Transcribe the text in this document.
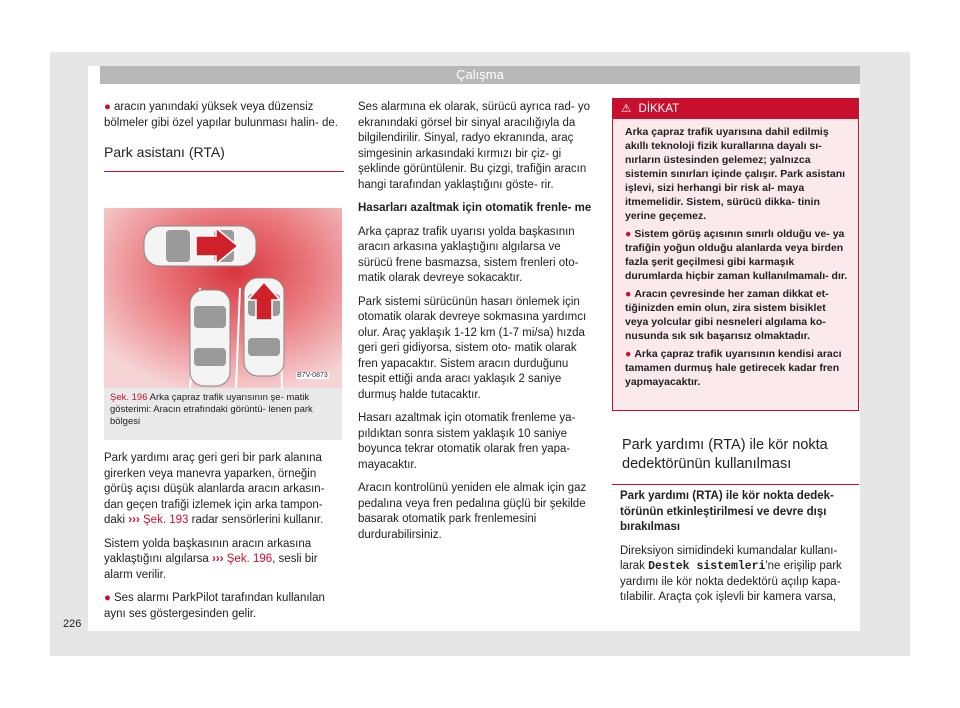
Çalışma

● aracın yanındaki yüksek veya düzensiz bölmeler gibi özel yapılar bulunması halin- de.

Park asistanı (RTA)
B7V-0873
Şek. 196 Arka çapraz trafik uyarısının şe- matik gösterimi: Aracın etrafındaki görüntü- lenen park bölgesi

Park yardımı araç geri geri bir park alanına girerken veya manevra yaparken, örneğin görüş açısı düşük alanlarda aracın arkasın- dan geçen trafiği izlemek için arka tampon- daki ››› Şek. 193 radar sensörlerini kullanır.

Sistem yolda başkasının aracın arkasına yaklaştığını algılarsa ››› Şek. 196, sesli bir alarm verilir.

● Ses alarmı ParkPilot tarafından kullanılan aynı ses göstergesinden gelir.

Ses alarmına ek olarak, sürücü ayrıca rad- yo ekranındaki görsel bir sinyal aracılığıyla da bilgilendirilir. Sinyal, radyo ekranında, araç simgesinin arkasındaki kırmızı bir çiz- gi şeklinde görüntülenir. Bu çizgi, trafiğin aracın hangi tarafından yaklaştığını göste- rir.

Hasarları azaltmak için otomatik frenle- me

Arka çapraz trafik uyarısı yolda başkasının aracın arkasına yaklaştığını algılarsa ve sürücü frene basmazsa, sistem frenleri oto- matik olarak devreye sokacaktır.

Park sistemi sürücünün hasarı önlemek için otomatik olarak devreye sokmasına yardımcı olur. Araç yaklaşık 1-12 km (1-7 mi/sa) hızda geri geri gidiyorsa, sistem oto- matik olarak fren yapacaktır. Sistem aracın durduğunu tespit ettiği anda aracı yaklaşık 2 saniye durmuş halde tutacaktır.

Hasarı azaltmak için otomatik frenleme ya- pıldıktan sonra sistem yaklaşık 10 saniye boyunca tekrar otomatik olarak fren yapa- mayacaktır.

Aracın kontrolünü yeniden ele almak için gaz pedalına veya fren pedalına güçlü bir şekilde basarak otomatik park frenlemesini durdurabilirsiniz.

⚠ DİKKAT

Arka çapraz trafik uyarısına dahil edilmiş akıllı teknoloji fizik kurallarına dayalı sı- nırların üstesinden gelemez; yalnızca sistemin sınırları içinde çalışır. Park asistanı işlevi, sizi herhangi bir risk al- maya itmemelidir. Sistem, sürücü dikka- tinin yerine geçemez.

● Sistem görüş açısının sınırlı olduğu ve- ya trafiğin yoğun olduğu alanlarda veya birden fazla şerit geçilmesi gibi karmaşık durumlarda hiçbir zaman kullanılmamalı- dır.

● Aracın çevresinde her zaman dikkat et- tiğinizden emin olun, zira sistem bisiklet veya yolcular gibi nesneleri algılama ko- nusunda sık sık başarısız olmaktadır.

● Arka çapraz trafik uyarısının kendisi aracı tamamen durmuş hale getirecek kadar fren yapmayacaktır.

Park yardımı (RTA) ile kör nokta dedektörünün kullanılması

Park yardımı (RTA) ile kör nokta dedek- törünün etkinleştirilmesi ve devre dışı bırakılması

Direksiyon simidindeki kumandalar kullanı- larak Destek sistemleri'ne erişilip park yardımı ile kör nokta dedektörü açılıp kapa- tılabilir. Araçta çok işlevli bir kamera varsa,

226
